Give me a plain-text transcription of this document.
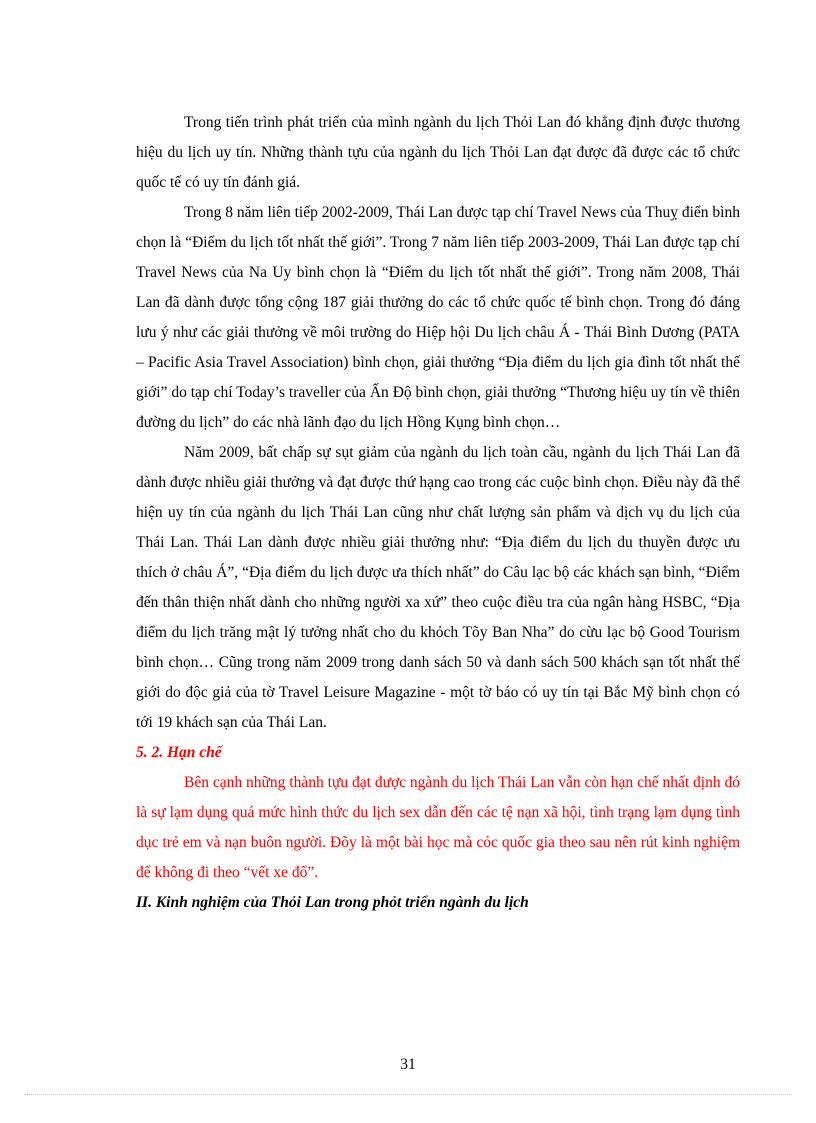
Trong tiến trình phát triển của mình ngành du lịch Thỏi Lan đó khẳng định được thương hiệu du lịch uy tín. Những thành tựu của ngành du lịch Thỏi Lan đạt được đã được các tổ chức quốc tế có uy tín đánh giá.

Trong 8 năm liên tiếp 2002-2009, Thái Lan được tạp chí Travel News của Thuỵ điển bình chọn là “Điểm du lịch tốt nhất thế giới”. Trong 7 năm liên tiếp 2003-2009, Thái Lan được tạp chí Travel News của Na Uy bình chọn là “Điểm du lịch tốt nhất thế giới”. Trong năm 2008, Thái Lan đã dành được tổng cộng 187 giải thưởng do các tổ chức quốc tế bình chọn. Trong đó đáng lưu ý như các giải thưởng về môi trường do Hiệp hội Du lịch châu Á - Thái Bình Dương (PATA – Pacific Asia Travel Association) bình chọn, giải thưởng “Địa điểm du lịch gia đình tốt nhất thế giới” do tạp chí Today’s traveller của Ấn Độ bình chọn, giải thưởng “Thương hiệu uy tín về thiên đường du lịch” do các nhà lãnh đạo du lịch Hồng Kụng bình chọn…

Năm 2009, bất chấp sự sụt giảm của ngành du lịch toàn cầu, ngành du lịch Thái Lan đã dành được nhiều giải thưởng và đạt được thứ hạng cao trong các cuộc bình chọn. Điều này đã thể hiện uy tín của ngành du lịch Thái Lan cũng như chất lượng sản phẩm và dịch vụ du lịch của Thái Lan. Thái Lan dành được nhiều giải thưởng như: “Địa điểm du lịch du thuyền được ưu thích ở châu Á”, “Địa điểm du lịch được ưa thích nhất” do Câu lạc bộ các khách sạn bình, “Điểm đến thân thiện nhất dành cho những người xa xứ” theo cuộc điều tra của ngân hàng HSBC, “Địa điểm du lịch trăng mật lý tưởng nhất cho du khỏch Tõy Ban Nha” do cừu lạc bộ Good Tourism bình chọn… Cũng trong năm 2009 trong danh sách 50 và danh sách 500 khách sạn tốt nhất thế giới do độc giả của tờ Travel Leisure Magazine - một tờ báo có uy tín tại Bắc Mỹ bình chọn có tới 19 khách sạn của Thái Lan.

5. 2. Hạn chế

Bên cạnh những thành tựu đạt được ngành du lịch Thái Lan vẫn còn hạn chế nhất định đó là sự lạm dụng quá mức hình thức du lịch sex dẫn đến các tệ nạn xã hội, tình trạng lạm dụng tình dục trẻ em và nạn buôn người. Đõy là một bài học mà cỏc quốc gia theo sau nên rút kinh nghiệm để không đi theo “vết xe đổ”.

II. Kinh nghiệm của Thỏi Lan trong phỏt triển ngành du lịch

31
